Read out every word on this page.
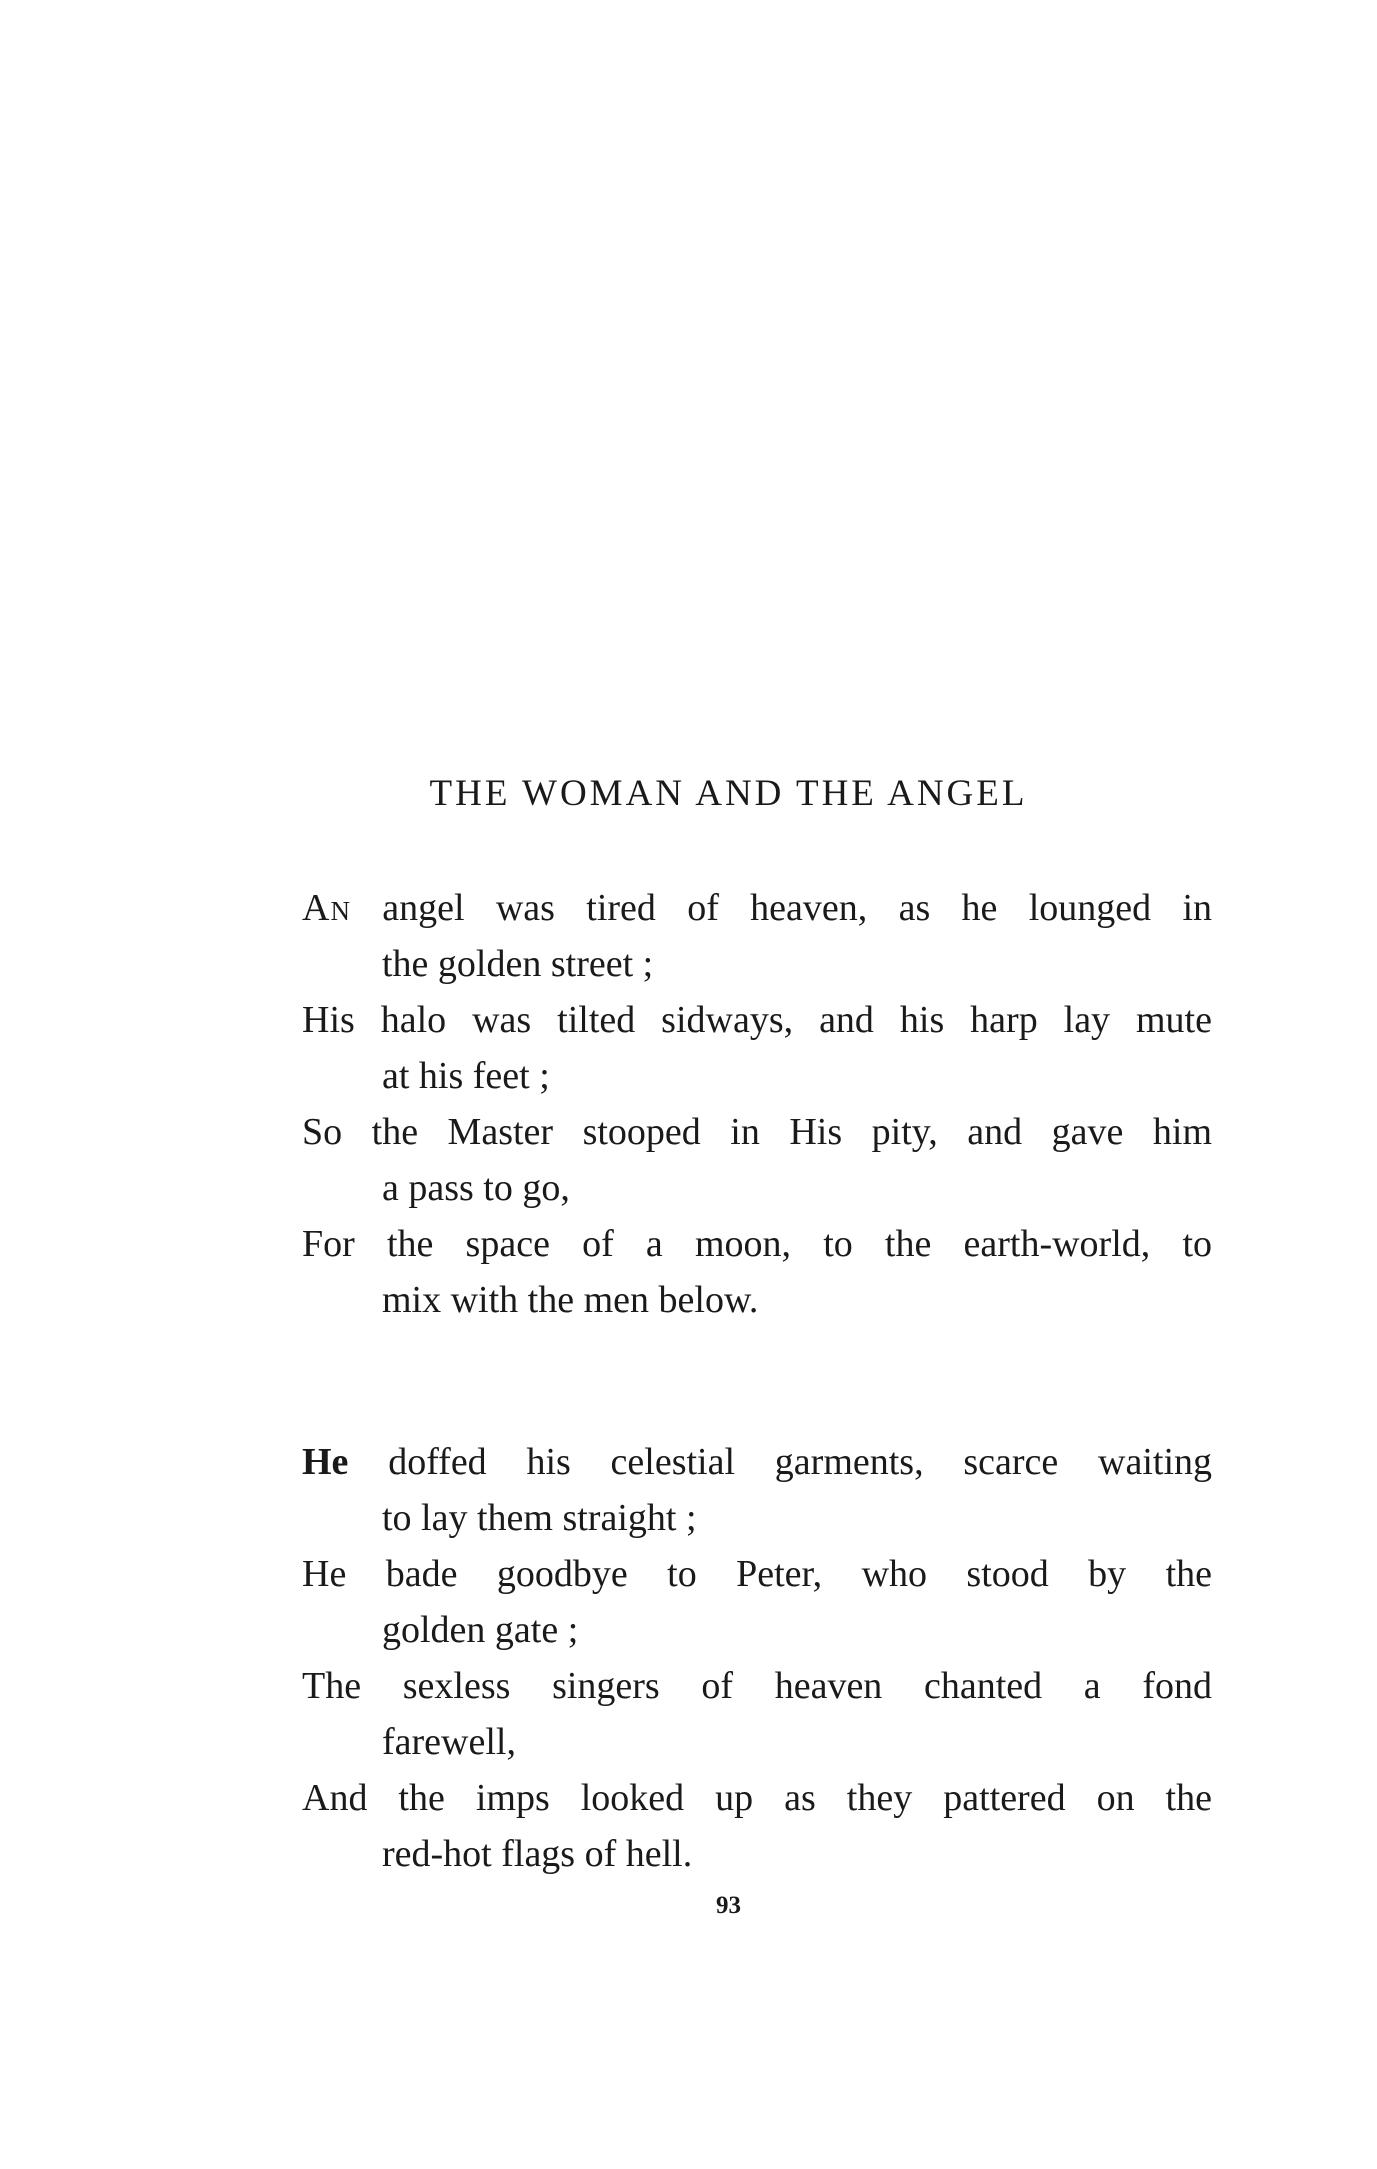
THE WOMAN AND THE ANGEL
An angel was tired of heaven, as he lounged in
the golden street ;
His halo was tilted sidways, and his harp lay mute
at his feet ;
So the Master stooped in His pity, and gave him
a pass to go,
For the space of a moon, to the earth-world, to
mix with the men below.
He doffed his celestial garments, scarce waiting
to lay them straight ;
He bade goodbye to Peter, who stood by the
golden gate ;
The sexless singers of heaven chanted a fond
farewell,
And the imps looked up as they pattered on the
red-hot flags of hell.
93
